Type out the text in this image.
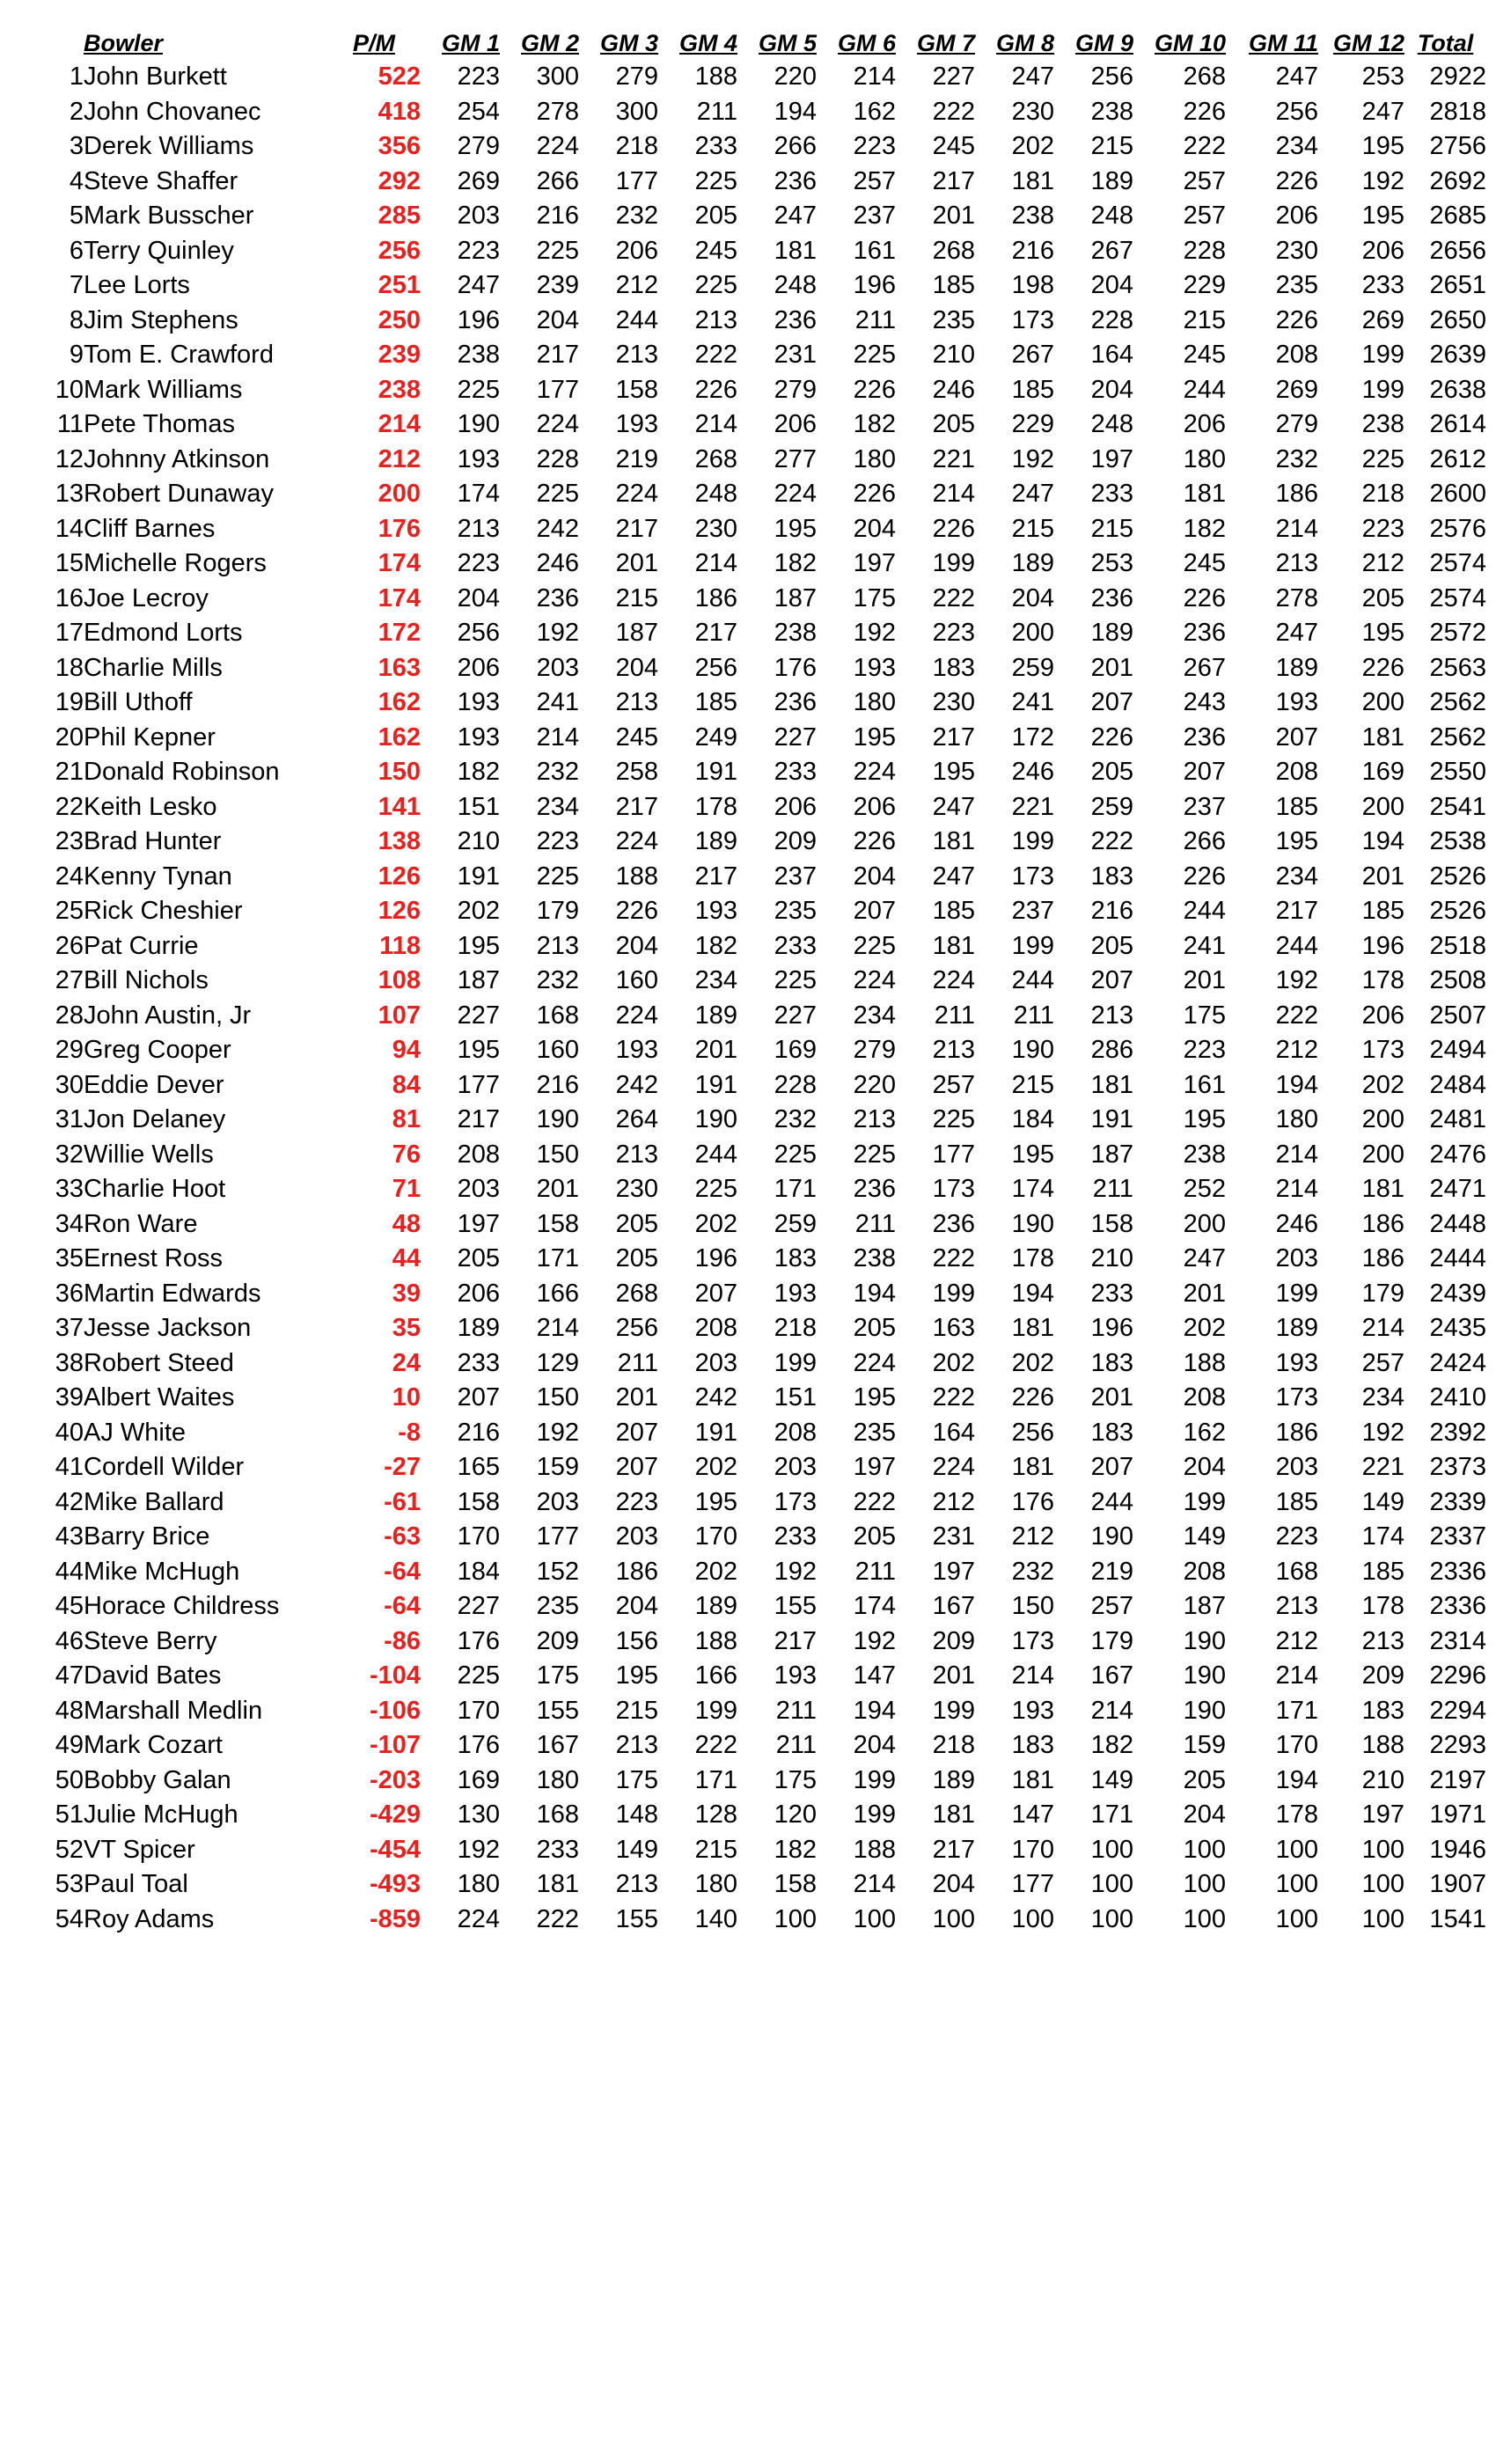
	Bowler	P/M	GM 1	GM 2	GM 3	GM 4	GM 5	GM 6	GM 7	GM 8	GM 9	GM 10	GM 11	GM 12	Total
1	John Burkett	522	223	300	279	188	220	214	227	247	256	268	247	253	2922
2	John Chovanec	418	254	278	300	211	194	162	222	230	238	226	256	247	2818
3	Derek Williams	356	279	224	218	233	266	223	245	202	215	222	234	195	2756
4	Steve Shaffer	292	269	266	177	225	236	257	217	181	189	257	226	192	2692
5	Mark Busscher	285	203	216	232	205	247	237	201	238	248	257	206	195	2685
6	Terry Quinley	256	223	225	206	245	181	161	268	216	267	228	230	206	2656
7	Lee Lorts	251	247	239	212	225	248	196	185	198	204	229	235	233	2651
8	Jim Stephens	250	196	204	244	213	236	211	235	173	228	215	226	269	2650
9	Tom E. Crawford	239	238	217	213	222	231	225	210	267	164	245	208	199	2639
10	Mark Williams	238	225	177	158	226	279	226	246	185	204	244	269	199	2638
11	Pete Thomas	214	190	224	193	214	206	182	205	229	248	206	279	238	2614
12	Johnny Atkinson	212	193	228	219	268	277	180	221	192	197	180	232	225	2612
13	Robert Dunaway	200	174	225	224	248	224	226	214	247	233	181	186	218	2600
14	Cliff Barnes	176	213	242	217	230	195	204	226	215	215	182	214	223	2576
15	Michelle Rogers	174	223	246	201	214	182	197	199	189	253	245	213	212	2574
16	Joe Lecroy	174	204	236	215	186	187	175	222	204	236	226	278	205	2574
17	Edmond Lorts	172	256	192	187	217	238	192	223	200	189	236	247	195	2572
18	Charlie Mills	163	206	203	204	256	176	193	183	259	201	267	189	226	2563
19	Bill Uthoff	162	193	241	213	185	236	180	230	241	207	243	193	200	2562
20	Phil Kepner	162	193	214	245	249	227	195	217	172	226	236	207	181	2562
21	Donald Robinson	150	182	232	258	191	233	224	195	246	205	207	208	169	2550
22	Keith Lesko	141	151	234	217	178	206	206	247	221	259	237	185	200	2541
23	Brad Hunter	138	210	223	224	189	209	226	181	199	222	266	195	194	2538
24	Kenny Tynan	126	191	225	188	217	237	204	247	173	183	226	234	201	2526
25	Rick Cheshier	126	202	179	226	193	235	207	185	237	216	244	217	185	2526
26	Pat Currie	118	195	213	204	182	233	225	181	199	205	241	244	196	2518
27	Bill Nichols	108	187	232	160	234	225	224	224	244	207	201	192	178	2508
28	John Austin, Jr	107	227	168	224	189	227	234	211	211	213	175	222	206	2507
29	Greg Cooper	94	195	160	193	201	169	279	213	190	286	223	212	173	2494
30	Eddie Dever	84	177	216	242	191	228	220	257	215	181	161	194	202	2484
31	Jon Delaney	81	217	190	264	190	232	213	225	184	191	195	180	200	2481
32	Willie Wells	76	208	150	213	244	225	225	177	195	187	238	214	200	2476
33	Charlie Hoot	71	203	201	230	225	171	236	173	174	211	252	214	181	2471
34	Ron Ware	48	197	158	205	202	259	211	236	190	158	200	246	186	2448
35	Ernest Ross	44	205	171	205	196	183	238	222	178	210	247	203	186	2444
36	Martin Edwards	39	206	166	268	207	193	194	199	194	233	201	199	179	2439
37	Jesse Jackson	35	189	214	256	208	218	205	163	181	196	202	189	214	2435
38	Robert Steed	24	233	129	211	203	199	224	202	202	183	188	193	257	2424
39	Albert Waites	10	207	150	201	242	151	195	222	226	201	208	173	234	2410
40	AJ White	-8	216	192	207	191	208	235	164	256	183	162	186	192	2392
41	Cordell Wilder	-27	165	159	207	202	203	197	224	181	207	204	203	221	2373
42	Mike Ballard	-61	158	203	223	195	173	222	212	176	244	199	185	149	2339
43	Barry Brice	-63	170	177	203	170	233	205	231	212	190	149	223	174	2337
44	Mike McHugh	-64	184	152	186	202	192	211	197	232	219	208	168	185	2336
45	Horace Childress	-64	227	235	204	189	155	174	167	150	257	187	213	178	2336
46	Steve Berry	-86	176	209	156	188	217	192	209	173	179	190	212	213	2314
47	David Bates	-104	225	175	195	166	193	147	201	214	167	190	214	209	2296
48	Marshall Medlin	-106	170	155	215	199	211	194	199	193	214	190	171	183	2294
49	Mark Cozart	-107	176	167	213	222	211	204	218	183	182	159	170	188	2293
50	Bobby Galan	-203	169	180	175	171	175	199	189	181	149	205	194	210	2197
51	Julie McHugh	-429	130	168	148	128	120	199	181	147	171	204	178	197	1971
52	VT Spicer	-454	192	233	149	215	182	188	217	170	100	100	100	100	1946
53	Paul Toal	-493	180	181	213	180	158	214	204	177	100	100	100	100	1907
54	Roy Adams	-859	224	222	155	140	100	100	100	100	100	100	100	100	1541
